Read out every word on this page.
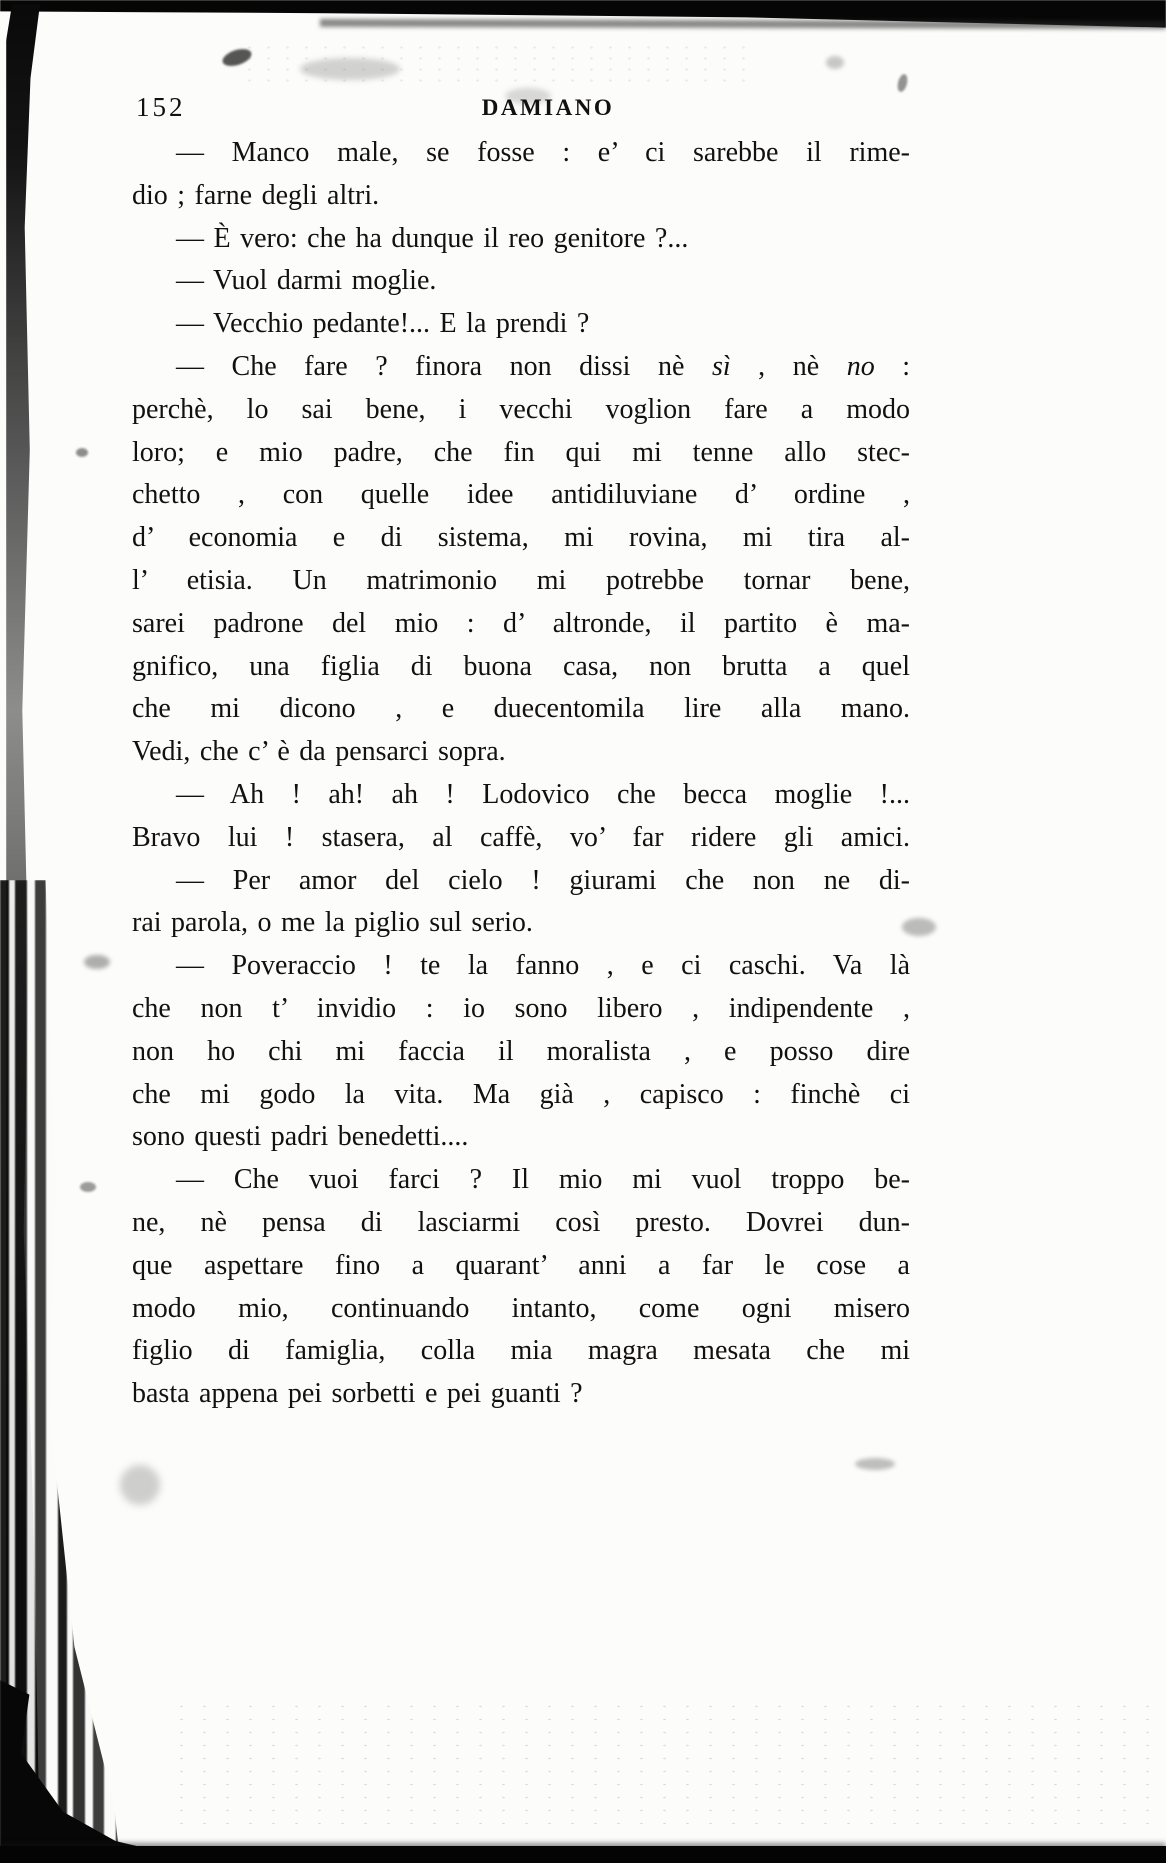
152	DAMIANO
— Manco male, se fosse : e’ ci sarebbe il rime-
dio ; farne degli altri.
— È vero: che ha dunque il reo genitore ?...
— Vuol darmi moglie.
— Vecchio pedante!... E la prendi ?
— Che fare ? finora non dissi nè sì , nè no :
perchè, lo sai bene, i vecchi voglion fare a modo
loro; e mio padre, che fin qui mi tenne allo stec-
chetto , con quelle idee antidiluviane d’ ordine ,
d’ economia e di sistema, mi rovina, mi tira al-
l’ etisia. Un matrimonio mi potrebbe tornar bene,
sarei padrone del mio : d’ altronde, il partito è ma-
gnifico, una figlia di buona casa, non brutta a quel
che mi dicono , e duecentomila lire alla mano.
Vedi, che c’ è da pensarci sopra.
— Ah ! ah! ah ! Lodovico che becca moglie !...
Bravo lui ! stasera, al caffè, vo’ far ridere gli amici.
— Per amor del cielo ! giurami che non ne di-
rai parola, o me la piglio sul serio.
— Poveraccio ! te la fanno , e ci caschi. Va là
che non t’ invidio : io sono libero , indipendente ,
non ho chi mi faccia il moralista , e posso dire
che mi godo la vita. Ma già , capisco : finchè ci
sono questi padri benedetti....
— Che vuoi farci ? Il mio mi vuol troppo be-
ne, nè pensa di lasciarmi così presto. Dovrei dun-
que aspettare fino a quarant’ anni a far le cose a
modo mio, continuando intanto, come ogni misero
figlio di famiglia, colla mia magra mesata che mi
basta appena pei sorbetti e pei guanti ?
